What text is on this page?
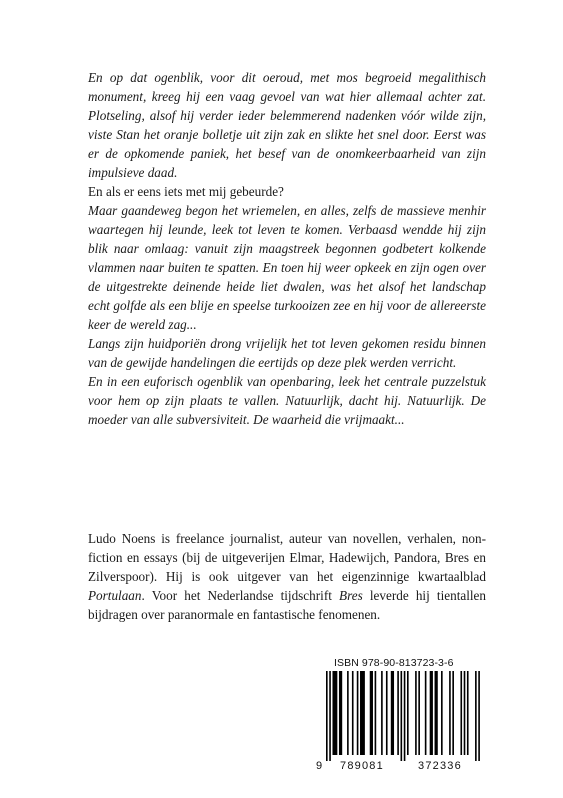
En op dat ogenblik, voor dit oeroud, met mos begroeid megalithisch monument, kreeg hij een vaag gevoel van wat hier allemaal achter zat. Plotseling, alsof hij verder ieder belemmerend nadenken vóór wilde zijn, viste Stan het oranje bolletje uit zijn zak en slikte het snel door. Eerst was er de opkomende paniek, het besef van de onomkeerbaarheid van zijn impulsieve daad.

En als er eens iets met mij gebeurde?

Maar gaandeweg begon het wriemelen, en alles, zelfs de massieve menhir waartegen hij leunde, leek tot leven te komen. Verbaasd wendde hij zijn blik naar omlaag: vanuit zijn maagstreek begonnen godbetert kolkende vlammen naar buiten te spatten. En toen hij weer opkeek en zijn ogen over de uitgestrekte deinende heide liet dwalen, was het alsof het landschap echt golfde als een blije en speelse turkooizen zee en hij voor de allereerste keer de wereld zag...

Langs zijn huidporiën drong vrijelijk het tot leven gekomen residu binnen van de gewijde handelingen die eertijds op deze plek werden verricht.

En in een euforisch ogenblik van openbaring, leek het centrale puzzelstuk voor hem op zijn plaats te vallen. Natuurlijk, dacht hij. Natuurlijk. De moeder van alle subversiviteit. De waarheid die vrijmaakt...

Ludo Noens is freelance journalist, auteur van novellen, verhalen, non-fiction en essays (bij de uitgeverijen Elmar, Hadewijch, Pandora, Bres en Zilverspoor). Hij is ook uitgever van het eigenzinnige kwartaalblad Portulaan. Voor het Nederlandse tijdschrift Bres leverde hij tientallen bijdragen over paranormale en fantastische fenomenen.

ISBN 978-90-813723-3-6
9 789081	372336
